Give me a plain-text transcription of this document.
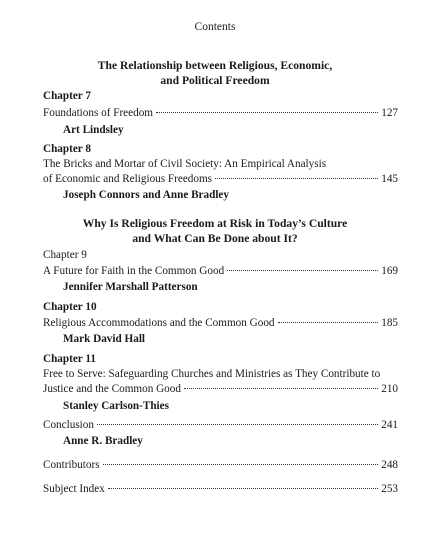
Contents
The Relationship between Religious, Economic,
and Political Freedom
Chapter 7
Foundations of Freedom	127
Art Lindsley
Chapter 8
The Bricks and Mortar of Civil Society: An Empirical Analysis
of Economic and Religious Freedoms	145
Joseph Connors and Anne Bradley
Why Is Religious Freedom at Risk in Today’s Culture
and What Can Be Done about It?
Chapter 9
A Future for Faith in the Common Good	169
Jennifer Marshall Patterson
Chapter 10
Religious Accommodations and the Common Good	185
Mark David Hall
Chapter 11
Free to Serve: Safeguarding Churches and Ministries as They Contribute to
Justice and the Common Good	210
Stanley Carlson-Thies
Conclusion	241
Anne R. Bradley
Contributors	248
Subject Index	253
